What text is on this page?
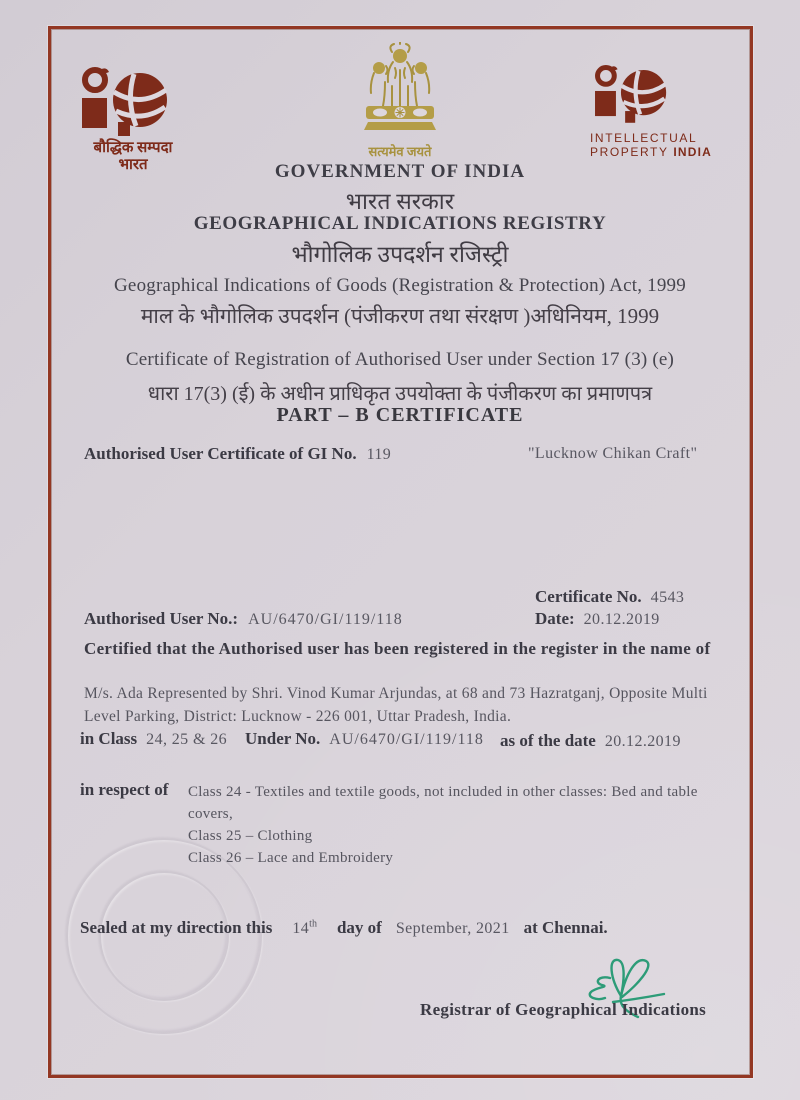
बौद्धिक सम्पदा
भारत
सत्यमेव जयते
INTELLECTUAL
PROPERTY INDIA
GOVERNMENT OF INDIA
भारत सरकार
GEOGRAPHICAL INDICATIONS REGISTRY
भौगोलिक उपदर्शन रजिस्ट्री
Geographical Indications of Goods (Registration & Protection) Act, 1999
माल के भौगोलिक उपदर्शन (पंजीकरण तथा संरक्षण )अधिनियम, 1999
Certificate of Registration of Authorised User under Section 17 (3) (e)
धारा 17(3) (ई) के अधीन प्राधिकृत उपयोक्ता के पंजीकरण का प्रमाणपत्र
PART – B CERTIFICATE
Authorised User Certificate of GI No. 119	"Lucknow Chikan Craft"
Certificate No. 4543
Date: 20.12.2019
Authorised User No.: AU/6470/GI/119/118
Certified that the Authorised user has been registered in the register in the name of
M/s. Ada Represented by Shri. Vinod Kumar Arjundas, at 68 and 73 Hazratganj, Opposite Multi Level Parking, District: Lucknow - 226 001, Uttar Pradesh, India.
in Class 24, 25 & 26 Under No. AU/6470/GI/119/118 as of the date 20.12.2019
in respect of Class 24 - Textiles and textile goods, not included in other classes: Bed and table covers,
Class 25 – Clothing
Class 26 – Lace and Embroidery
Sealed at my direction this 14th day of September, 2021 at Chennai.
Registrar of Geographical Indications
